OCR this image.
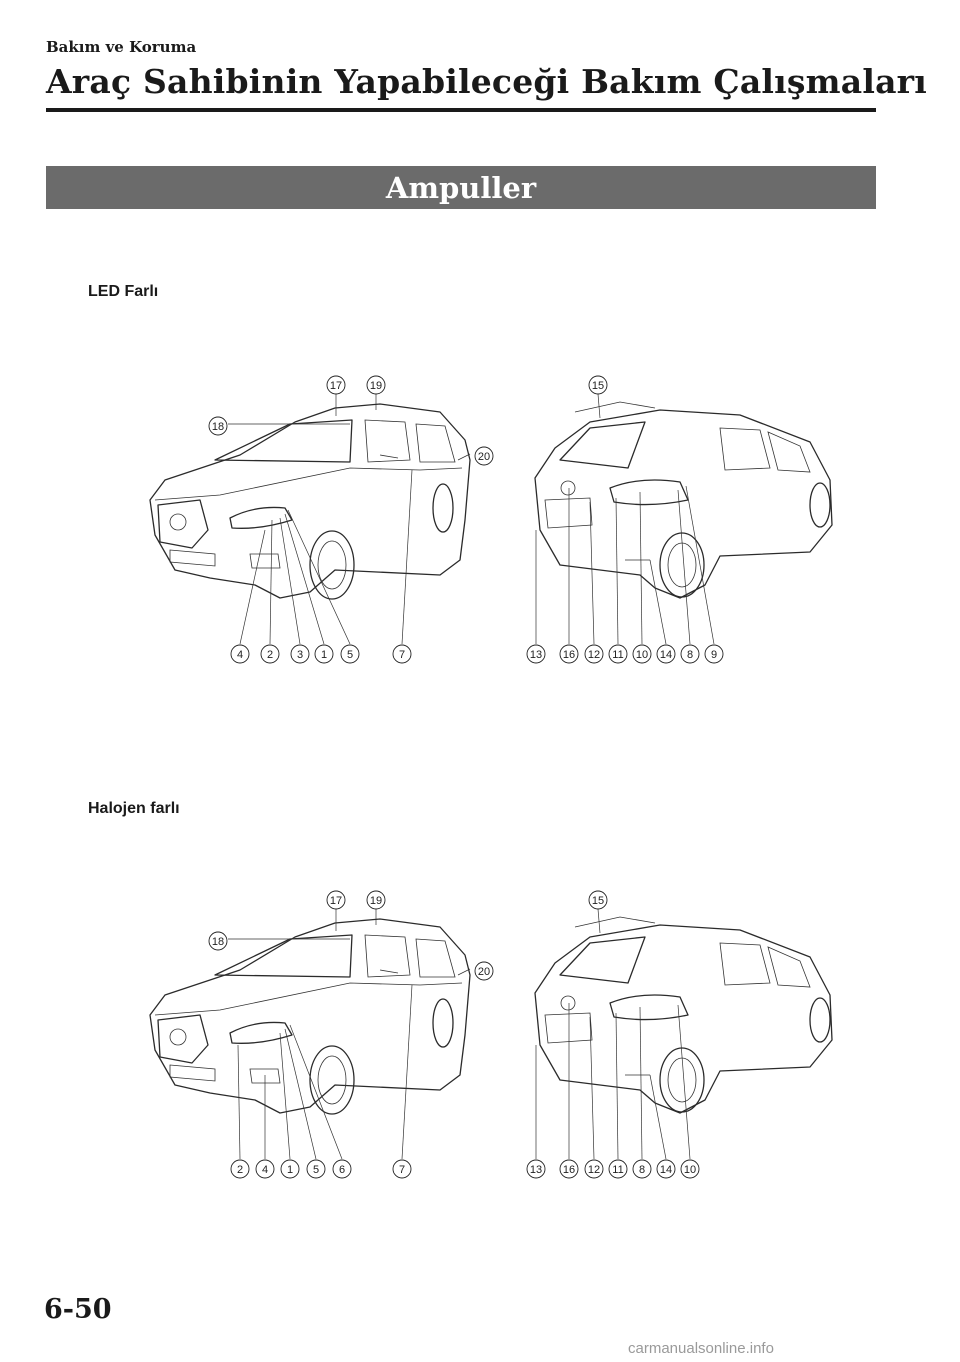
Bakım ve Koruma
Araç Sahibinin Yapabileceği Bakım Çalışmaları
Ampuller
LED Farlı
17	19
18
20
4 2 3 1 5	7
15
13 16 12 11 10 14 8 9
Halojen farlı
17	19
18
20
2 4 1 5 6	7
15
13 16 12 11 8 14 10
6-50
carmanualsonline.info
